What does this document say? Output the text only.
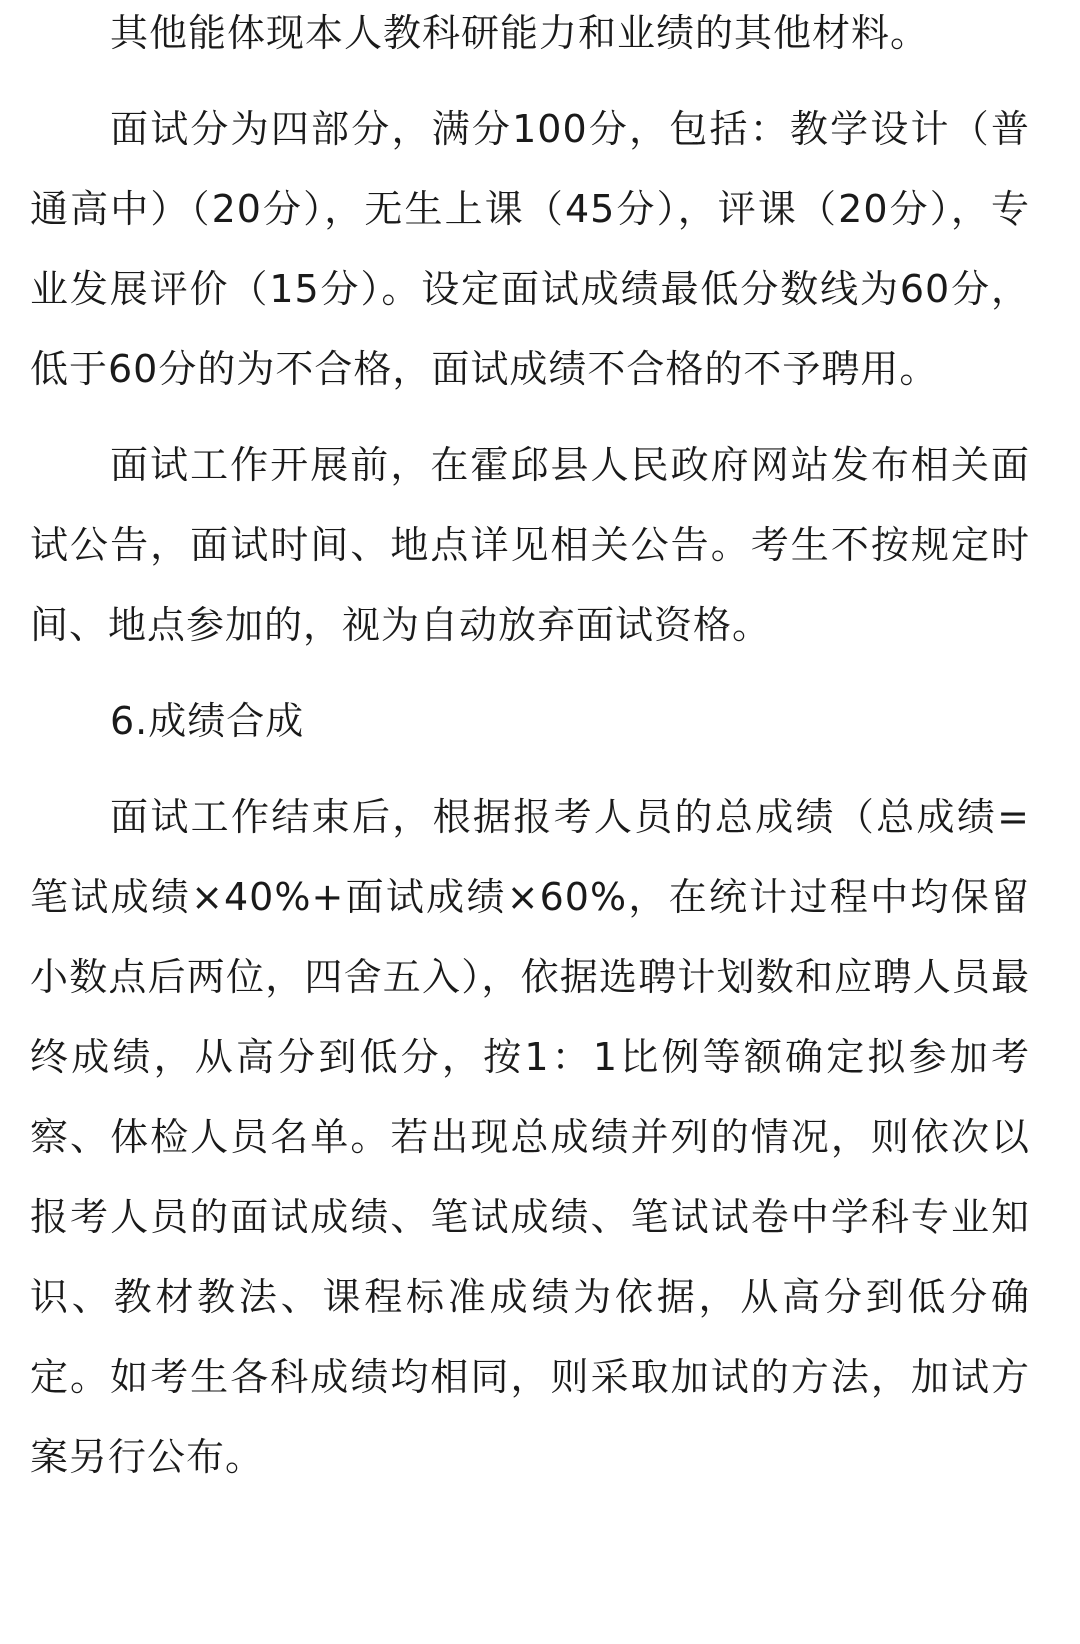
其他能体现本人教科研能力和业绩的其他材料。

面试分为四部分，满分100分，包括：教学设计（普通高中）（20分），无生上课（45分），评课（20分），专业发展评价（15分）。设定面试成绩最低分数线为60分，低于60分的为不合格，面试成绩不合格的不予聘用。

面试工作开展前，在霍邱县人民政府网站发布相关面试公告，面试时间、地点详见相关公告。考生不按规定时间、地点参加的，视为自动放弃面试资格。

6.成绩合成

面试工作结束后，根据报考人员的总成绩（总成绩=笔试成绩×40%+面试成绩×60%，在统计过程中均保留小数点后两位，四舍五入），依据选聘计划数和应聘人员最终成绩，从高分到低分，按1：1比例等额确定拟参加考察、体检人员名单。若出现总成绩并列的情况，则依次以报考人员的面试成绩、笔试成绩、笔试试卷中学科专业知识、教材教法、课程标准成绩为依据，从高分到低分确定。如考生各科成绩均相同，则采取加试的方法，加试方案另行公布。
